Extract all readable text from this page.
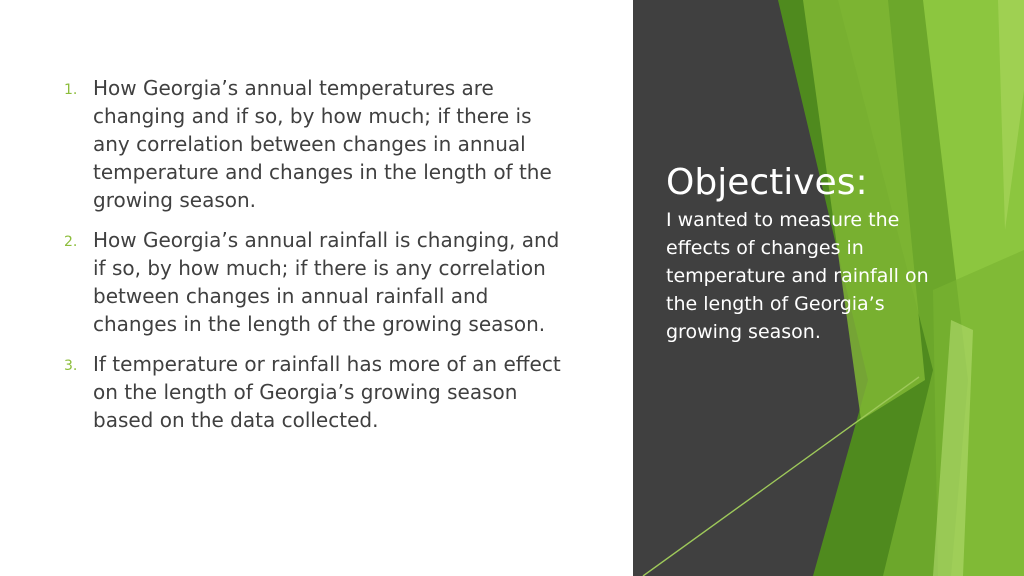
1. How Georgia’s annual temperatures are changing and if so, by how much; if there is any correlation between changes in annual temperature and changes in the length of the growing season.
2. How Georgia’s annual rainfall is changing, and if so, by how much; if there is any correlation between changes in annual rainfall and changes in the length of the growing season.
3. If temperature or rainfall has more of an effect on the length of Georgia’s growing season based on the data collected.
Objectives:

I wanted to measure the effects of changes in temperature and rainfall on the length of Georgia’s growing season.
